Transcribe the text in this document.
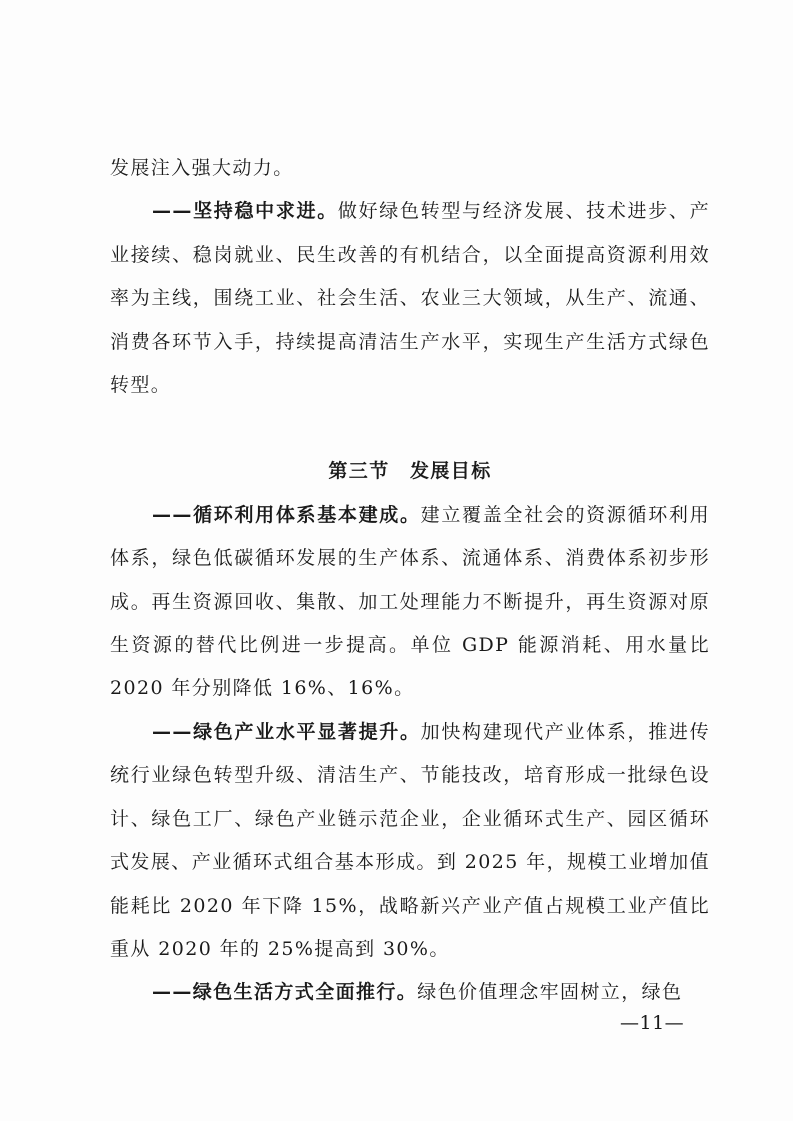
发展注入强大动力。

——坚持稳中求进。做好绿色转型与经济发展、技术进步、产业接续、稳岗就业、民生改善的有机结合，以全面提高资源利用效率为主线，围绕工业、社会生活、农业三大领域，从生产、流通、消费各环节入手，持续提高清洁生产水平，实现生产生活方式绿色转型。

第三节　发展目标

——循环利用体系基本建成。建立覆盖全社会的资源循环利用体系，绿色低碳循环发展的生产体系、流通体系、消费体系初步形成。再生资源回收、集散、加工处理能力不断提升，再生资源对原生资源的替代比例进一步提高。单位 GDP 能源消耗、用水量比 2020 年分别降低 16%、16%。

——绿色产业水平显著提升。加快构建现代产业体系，推进传统行业绿色转型升级、清洁生产、节能技改，培育形成一批绿色设计、绿色工厂、绿色产业链示范企业，企业循环式生产、园区循环式发展、产业循环式组合基本形成。到 2025 年，规模工业增加值能耗比 2020 年下降 15%，战略新兴产业产值占规模工业产值比重从 2020 年的 25%提高到 30%。

——绿色生活方式全面推行。绿色价值理念牢固树立，绿色

—11—
